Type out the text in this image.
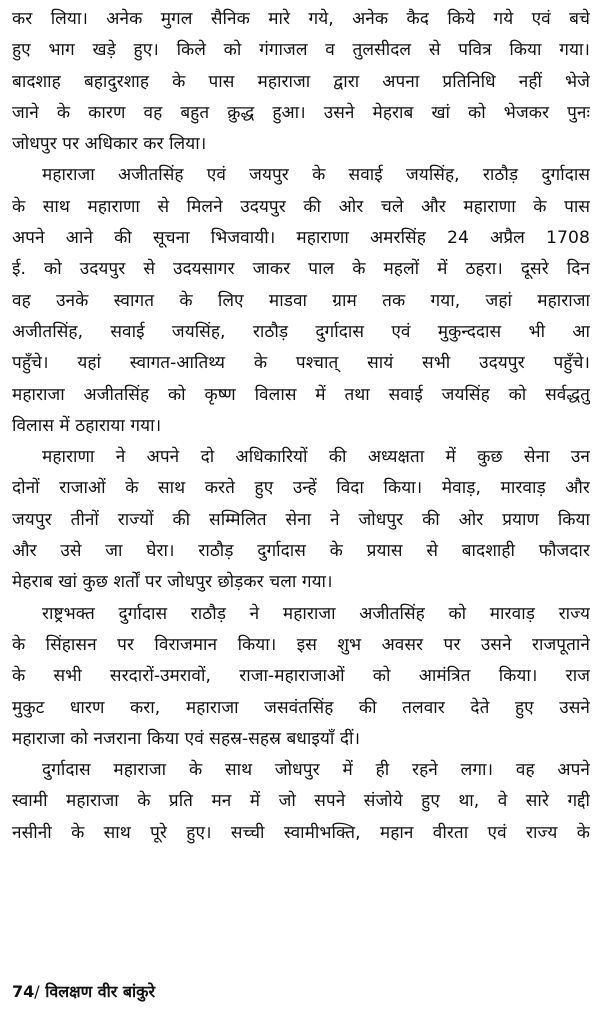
कर लिया। अनेक मुगल सैनिक मारे गये, अनेक कैद किये गये एवं बचे
हुए भाग खड़े हुए। किले को गंगाजल व तुलसीदल से पवित्र किया गया।
बादशाह बहादुरशाह के पास महाराजा द्वारा अपना प्रतिनिधि नहीं भेजे
जाने के कारण वह बहुत क्रुद्ध हुआ। उसने मेहराब खां को भेजकर पुनः
जोधपुर पर अधिकार कर लिया।
महाराजा अजीतसिंह एवं जयपुर के सवाई जयसिंह, राठौड़ दुर्गादास
के साथ महाराणा से मिलने उदयपुर की ओर चले और महाराणा के पास
अपने आने की सूचना भिजवायी। महाराणा अमरसिंह 24 अप्रैल 1708
ई. को उदयपुर से उदयसागर जाकर पाल के महलों में ठहरा। दूसरे दिन
वह उनके स्वागत के लिए माडवा ग्राम तक गया, जहां महाराजा
अजीतसिंह, सवाई जयसिंह, राठौड़ दुर्गादास एवं मुकुन्ददास भी आ
पहुँचे। यहां स्वागत-आतिथ्य के पश्चात् सायं सभी उदयपुर पहुँचे।
महाराजा अजीतसिंह को कृष्ण विलास में तथा सवाई जयसिंह को सर्वद्धतु
विलास में ठहाराया गया।
महाराणा ने अपने दो अधिकारियों की अध्यक्षता में कुछ सेना उन
दोनों राजाओं के साथ करते हुए उन्हें विदा किया। मेवाड़, मारवाड़ और
जयपुर तीनों राज्यों की सम्मिलित सेना ने जोधपुर की ओर प्रयाण किया
और उसे जा घेरा। राठौड़ दुर्गादास के प्रयास से बादशाही फौजदार
मेहराब खां कुछ शर्तों पर जोधपुर छोड़कर चला गया।
राष्ट्रभक्त दुर्गादास राठौड़ ने महाराजा अजीतसिंह को मारवाड़ राज्य
के सिंहासन पर विराजमान किया। इस शुभ अवसर पर उसने राजपूताने
के सभी सरदारों-उमरावों, राजा-महाराजाओं को आमंत्रित किया। राज
मुकुट धारण करा, महाराजा जसवंतसिंह की तलवार देते हुए उसने
महाराजा को नजराना किया एवं सहस्र-सहस्र बधाइयाँ दीं।
दुर्गादास महाराजा के साथ जोधपुर में ही रहने लगा। वह अपने
स्वामी महाराजा के प्रति मन में जो सपने संजोये हुए था, वे सारे गद्दी
नसीनी के साथ पूरे हुए। सच्ची स्वामीभक्ति, महान वीरता एवं राज्य के
74/ विलक्षण वीर बांकुरे
